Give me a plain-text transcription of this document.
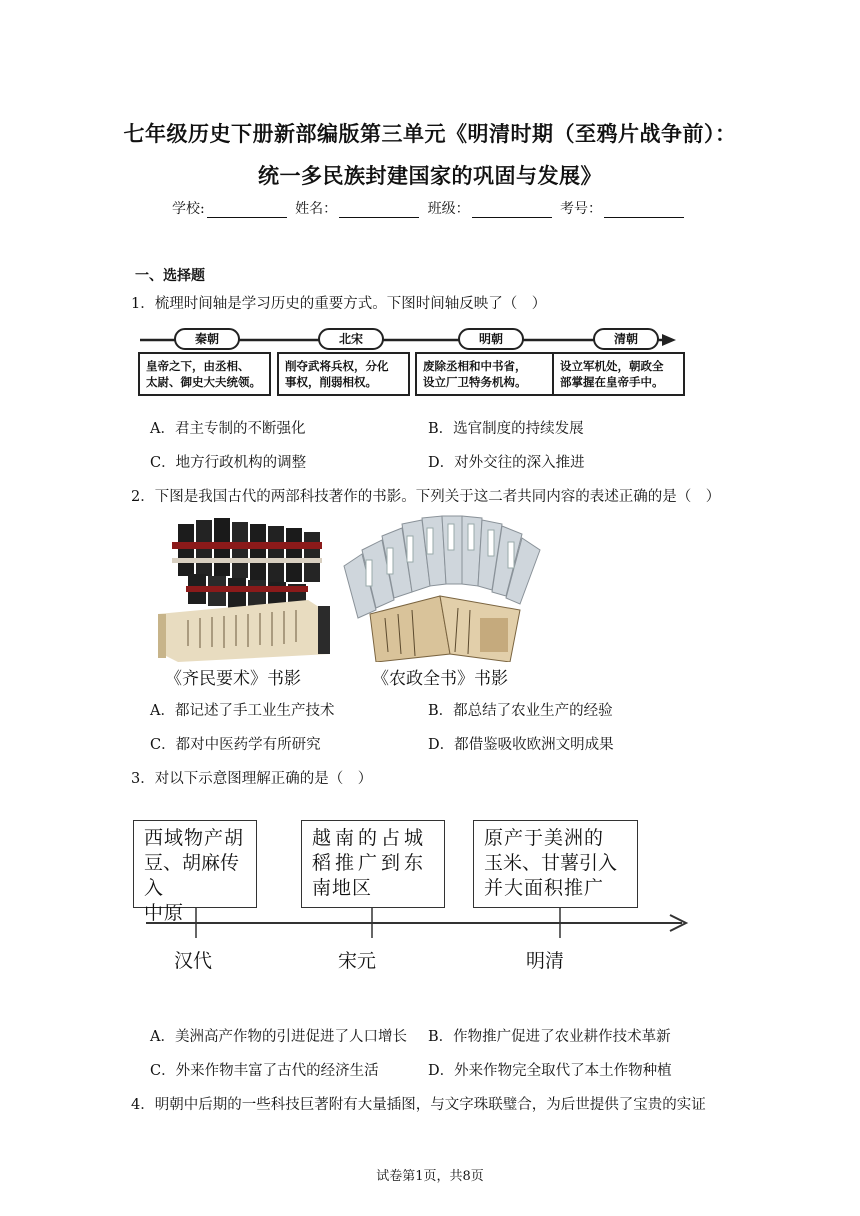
七年级历史下册新部编版第三单元《明清时期（至鸦片战争前）：
统一多民族封建国家的巩固与发展》
学校:	姓名：	班级：	考号：
一、选择题
1．梳理时间轴是学习历史的重要方式。下图时间轴反映了（　）
秦朝	北宋	明朝	清朝
皇帝之下，由丞相、
太尉、御史大夫统领。
削夺武将兵权，分化
事权，削弱相权。
废除丞相和中书省，
设立厂卫特务机构。
设立军机处，朝政全
部掌握在皇帝手中。
A．君主专制的不断强化	B．选官制度的持续发展
C．地方行政机构的调整	D．对外交往的深入推进
2．下图是我国古代的两部科技著作的书影。下列关于这二者共同内容的表述正确的是（　）
《齐民要术》书影	《农政全书》书影
A．都记述了手工业生产技术	B．都总结了农业生产的经验
C．都对中医药学有所研究	D．都借鉴吸收欧洲文明成果
3．对以下示意图理解正确的是（　）
西域物产胡
豆、胡麻传入
中原
越南的占城
稻推广到东
南地区
原产于美洲的
玉米、甘薯引入
并大面积推广
汉代	宋元	明清
A．美洲高产作物的引进促进了人口增长 B．作物推广促进了农业耕作技术革新
C．外来作物丰富了古代的经济生活	D．外来作物完全取代了本土作物种植
4．明朝中后期的一些科技巨著附有大量插图，与文字珠联璧合，为后世提供了宝贵的实证
试卷第1页，共8页
